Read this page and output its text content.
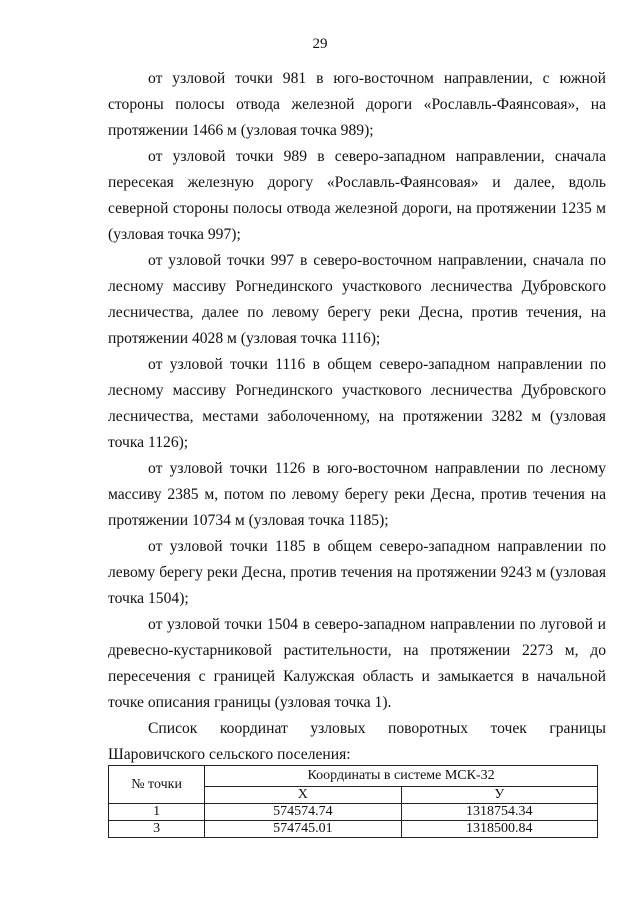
29

от узловой точки 981 в юго-восточном направлении, с южной стороны полосы отвода железной дороги «Рославль-Фаянсовая», на протяжении 1466 м (узловая точка 989);

от узловой точки 989 в северо-западном направлении, сначала пересекая железную дорогу «Рославль-Фаянсовая» и далее, вдоль северной стороны полосы отвода железной дороги, на протяжении 1235 м (узловая точка 997);

от узловой точки 997 в северо-восточном направлении, сначала по лесному массиву Рогнединского участкового лесничества Дубровского лесничества, далее по левому берегу реки Десна, против течения, на протяжении 4028 м (узловая точка 1116);

от узловой точки 1116 в общем северо-западном направлении по лесному массиву Рогнединского участкового лесничества Дубровского лесничества, местами заболоченному, на протяжении 3282 м (узловая точка 1126);

от узловой точки 1126 в юго-восточном направлении по лесному массиву 2385 м, потом по левому берегу реки Десна, против течения на протяжении 10734 м (узловая точка 1185);

от узловой точки 1185 в общем северо-западном направлении по левому берегу реки Десна, против течения на протяжении 9243 м (узловая точка 1504);

от узловой точки 1504 в северо-западном направлении по луговой и древесно-кустарниковой растительности, на протяжении 2273 м, до пересечения с границей Калужская область и замыкается в начальной точке описания границы (узловая точка 1).

Список координат узловых поворотных точек границы Шаровичского сельского поселения:

№ точки	Координаты в системе МСК-32	
	X	У
1	574574.74	1318754.34
3	574745.01	1318500.84
